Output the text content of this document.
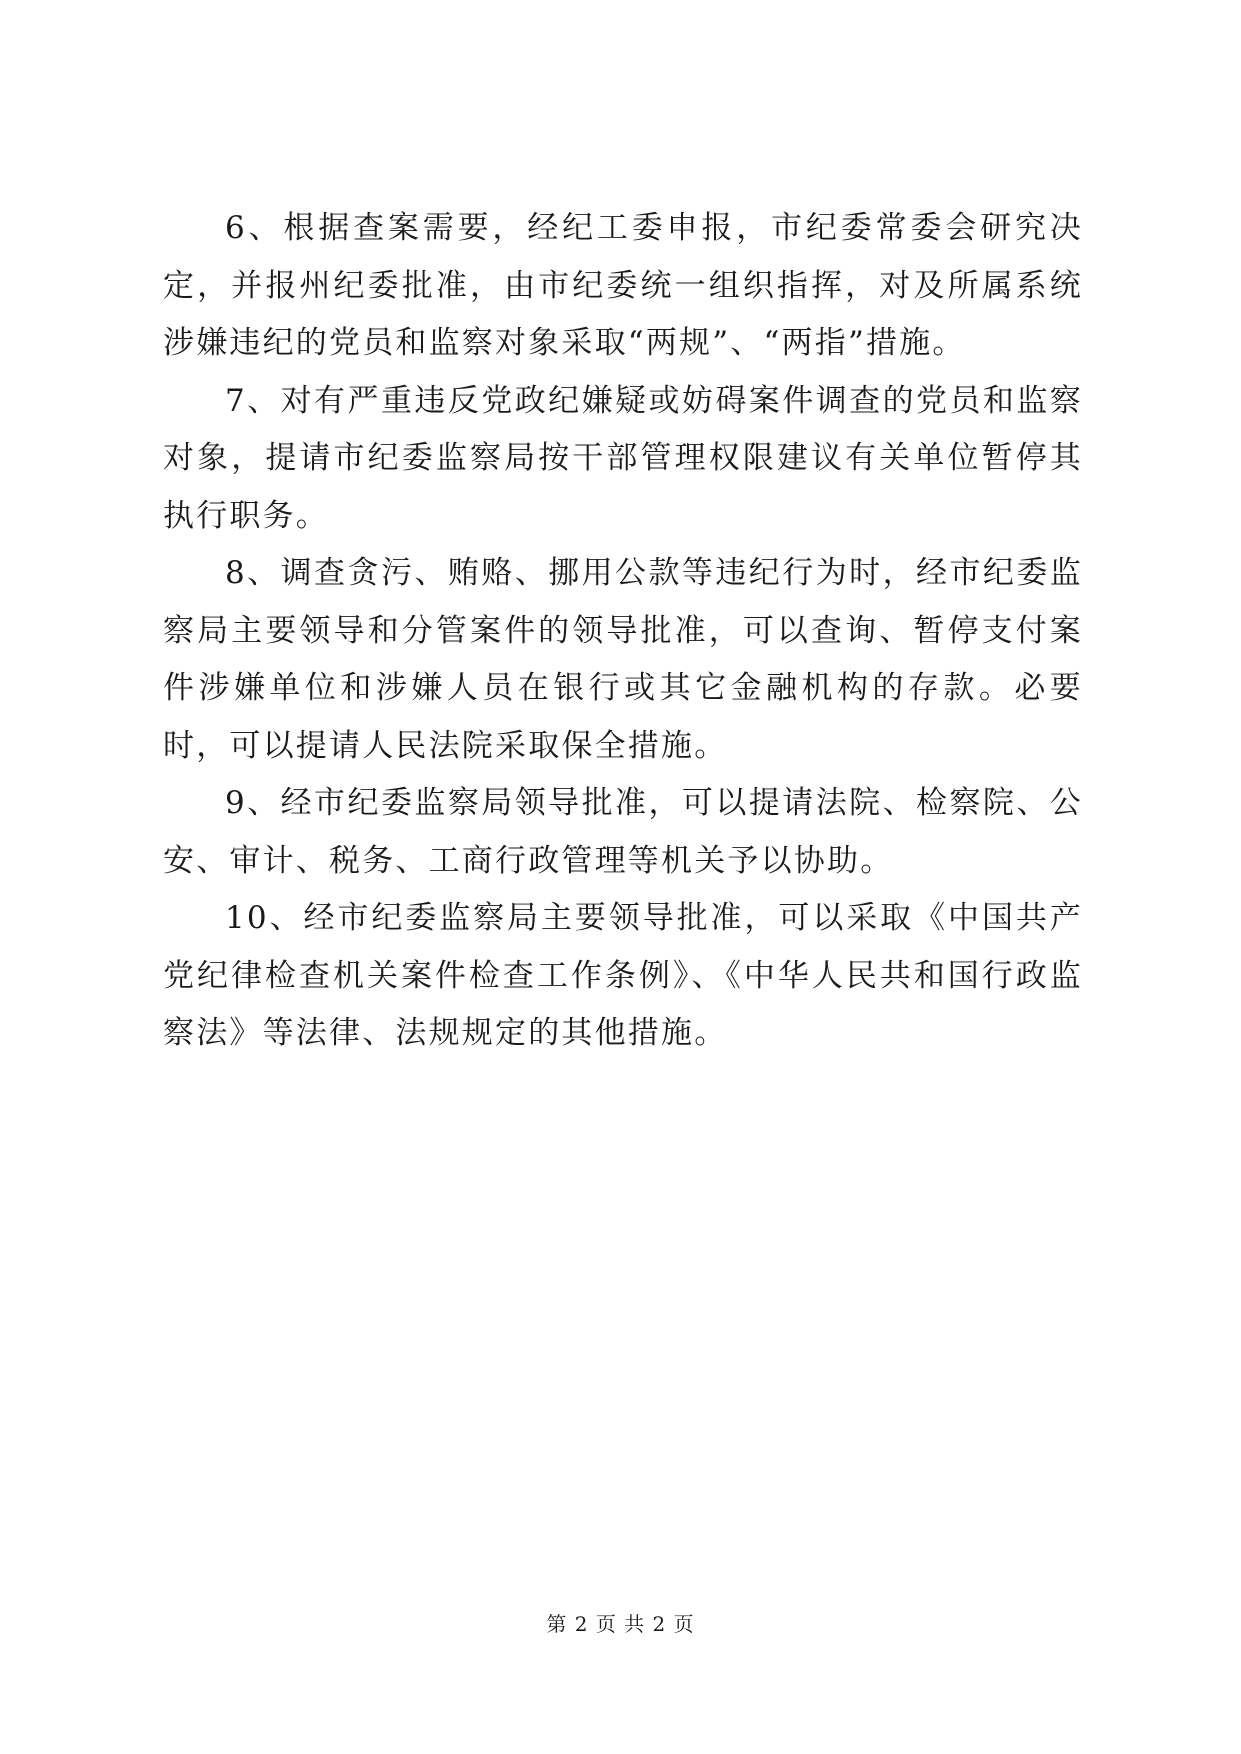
6、根据查案需要，经纪工委申报，市纪委常委会研究决定，并报州纪委批准，由市纪委统一组织指挥，对及所属系统涉嫌违纪的党员和监察对象采取“两规”、“两指”措施。

7、对有严重违反党政纪嫌疑或妨碍案件调查的党员和监察对象，提请市纪委监察局按干部管理权限建议有关单位暂停其执行职务。

8、调查贪污、贿赂、挪用公款等违纪行为时，经市纪委监察局主要领导和分管案件的领导批准，可以查询、暂停支付案件涉嫌单位和涉嫌人员在银行或其它金融机构的存款。必要时，可以提请人民法院采取保全措施。

9、经市纪委监察局领导批准，可以提请法院、检察院、公安、审计、税务、工商行政管理等机关予以协助。

10、经市纪委监察局主要领导批准，可以采取《中国共产党纪律检查机关案件检查工作条例》、《中华人民共和国行政监察法》等法律、法规规定的其他措施。

第 2 页 共 2 页
